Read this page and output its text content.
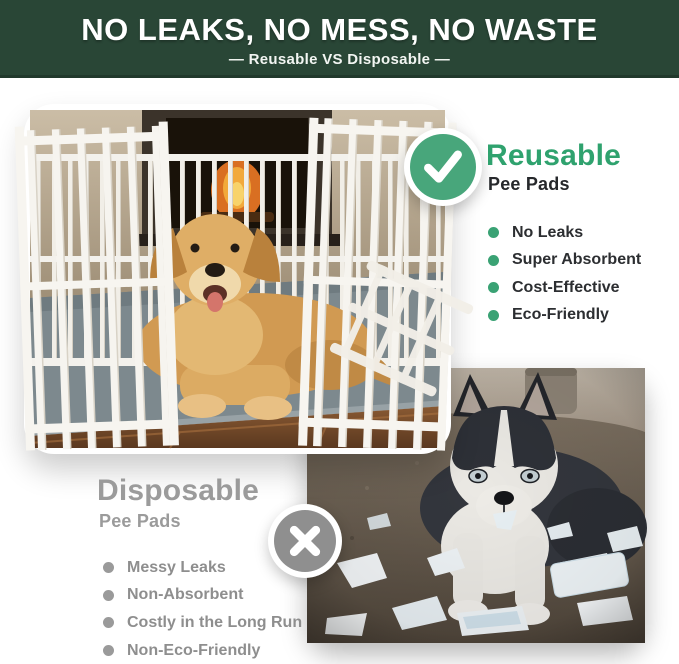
NO LEAKS, NO MESS, NO WASTE
— Reusable VS Disposable —
Reusable
Pee Pads
No Leaks
Super Absorbent
Cost-Effective
Eco-Friendly
Disposable
Pee Pads
Messy Leaks
Non-Absorbent
Costly in the Long Run
Non-Eco-Friendly
